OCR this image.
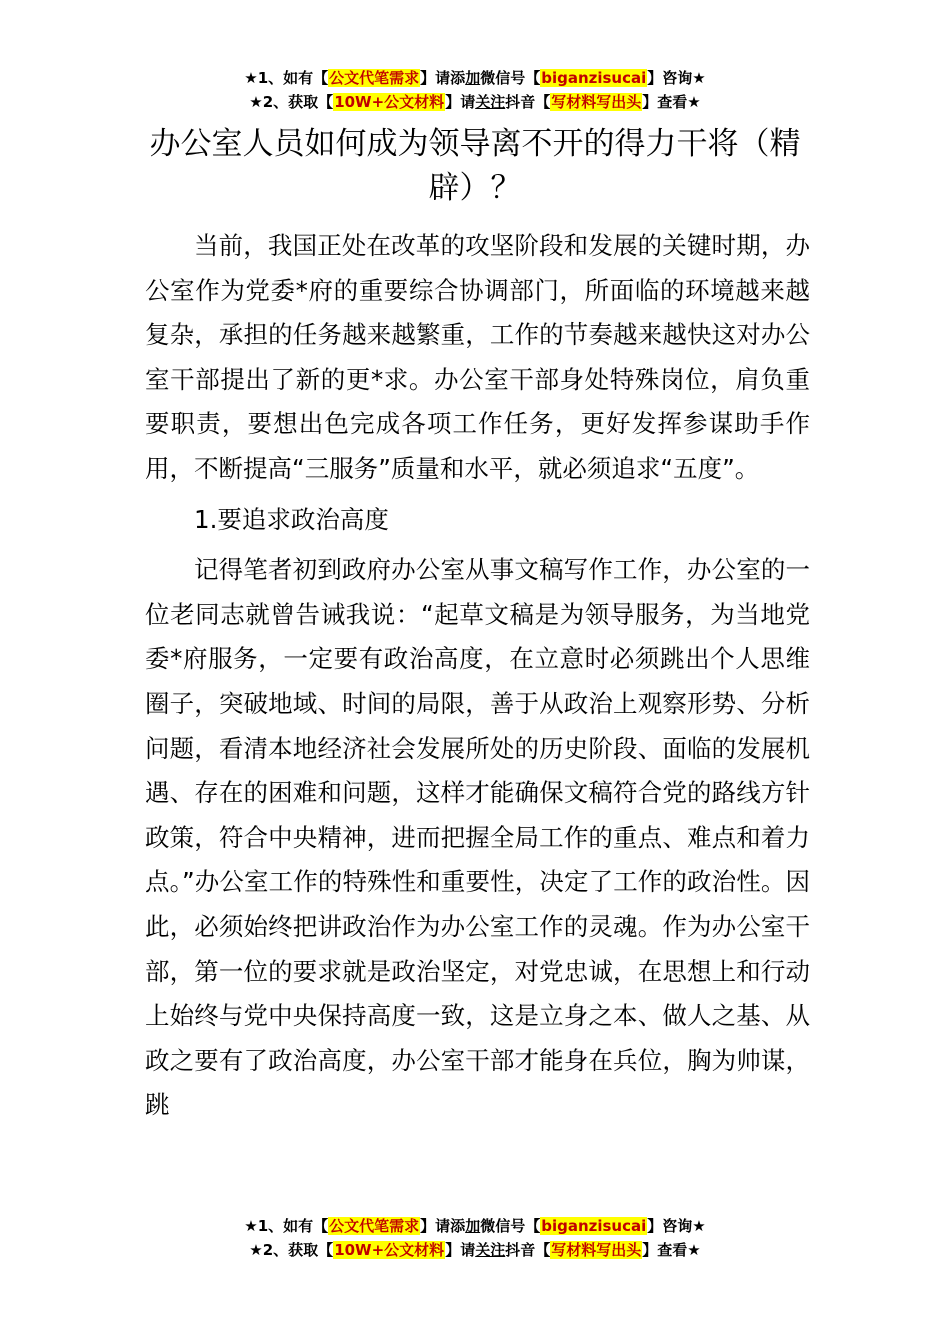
★1、如有【公文代笔需求】请添加微信号【biganzisucai】咨询★
★2、获取【10W+公文材料】请关注抖音【写材料写出头】查看★
办公室人员如何成为领导离不开的得力干将（精辟）？

当前，我国正处在改革的攻坚阶段和发展的关键时期，办公室作为党委*府的重要综合协调部门，所面临的环境越来越复杂，承担的任务越来越繁重，工作的节奏越来越快这对办公室干部提出了新的更*求。办公室干部身处特殊岗位，肩负重要职责，要想出色完成各项工作任务，更好发挥参谋助手作用，不断提高“三服务”质量和水平，就必须追求“五度”。

1.要追求政治高度

记得笔者初到政府办公室从事文稿写作工作，办公室的一位老同志就曾告诫我说：“起草文稿是为领导服务，为当地党委*府服务，一定要有政治高度，在立意时必须跳出个人思维圈子，突破地域、时间的局限，善于从政治上观察形势、分析问题，看清本地经济社会发展所处的历史阶段、面临的发展机遇、存在的困难和问题，这样才能确保文稿符合党的路线方针政策，符合中央精神，进而把握全局工作的重点、难点和着力点。”办公室工作的特殊性和重要性，决定了工作的政治性。因此，必须始终把讲政治作为办公室工作的灵魂。作为办公室干部，第一位的要求就是政治坚定，对党忠诚，在思想上和行动上始终与党中央保持高度一致，这是立身之本、做人之基、从政之要有了政治高度，办公室干部才能身在兵位，胸为帅谋，跳

★1、如有【公文代笔需求】请添加微信号【biganzisucai】咨询★
★2、获取【10W+公文材料】请关注抖音【写材料写出头】查看★
